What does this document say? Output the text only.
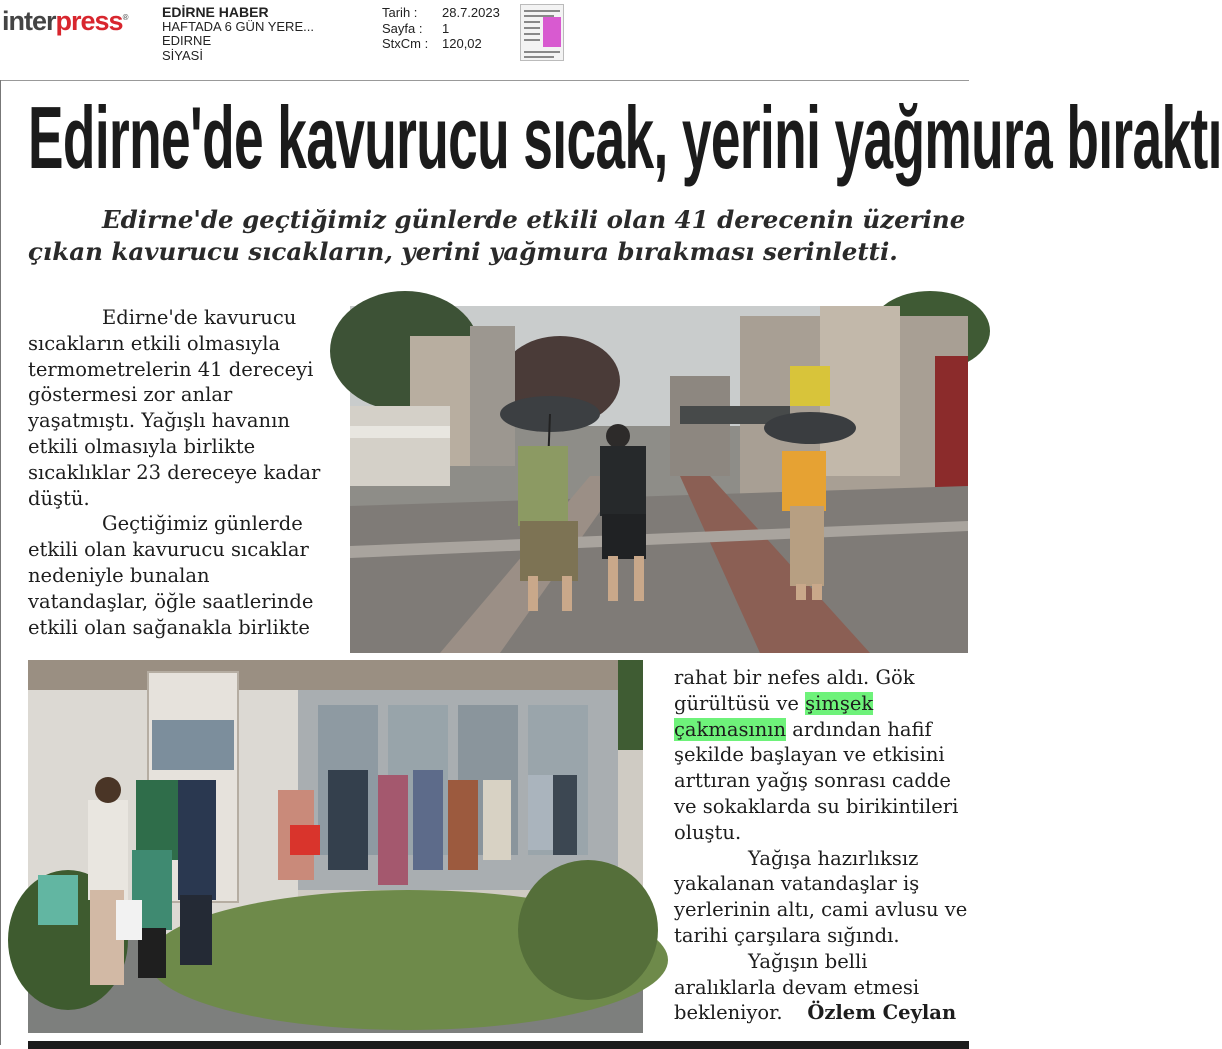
interpress® EDİRNE HABER
HAFTADA 6 GÜN YERE...
EDIRNE
SİYASİ
Tarih :	28.7.2023
Sayfa :	1
StxCm :	120,02
Edirne'de kavurucu sıcak, yerini yağmura bıraktı

Edirne'de geçtiğimiz günlerde etkili olan 41 derecenin üzerine çıkan kavurucu sıcakların, yerini yağmura bırakması serinletti.

Edirne'de kavurucu sıcakların etkili olmasıyla termometrelerin 41 dereceyi göstermesi zor anlar yaşatmıştı. Yağışlı havanın etkili olmasıyla birlikte sıcaklıklar 23 dereceye kadar düştü.

Geçtiğimiz günlerde etkili olan kavurucu sıcaklar nedeniyle bunalan vatandaşlar, öğle saatlerinde etkili olan sağanakla birlikte

rahat bir nefes aldı. Gök gürültüsü ve şimşek çakmasının ardından hafif şekilde başlayan ve etkisini arttıran yağış sonrası cadde ve sokaklarda su birikintileri oluştu.

Yağışa hazırlıksız yakalanan vatandaşlar iş yerlerinin altı, cami avlusu ve tarihi çarşılara sığındı.

Yağışın belli aralıklarla devam etmesi bekleniyor. Özlem Ceylan
